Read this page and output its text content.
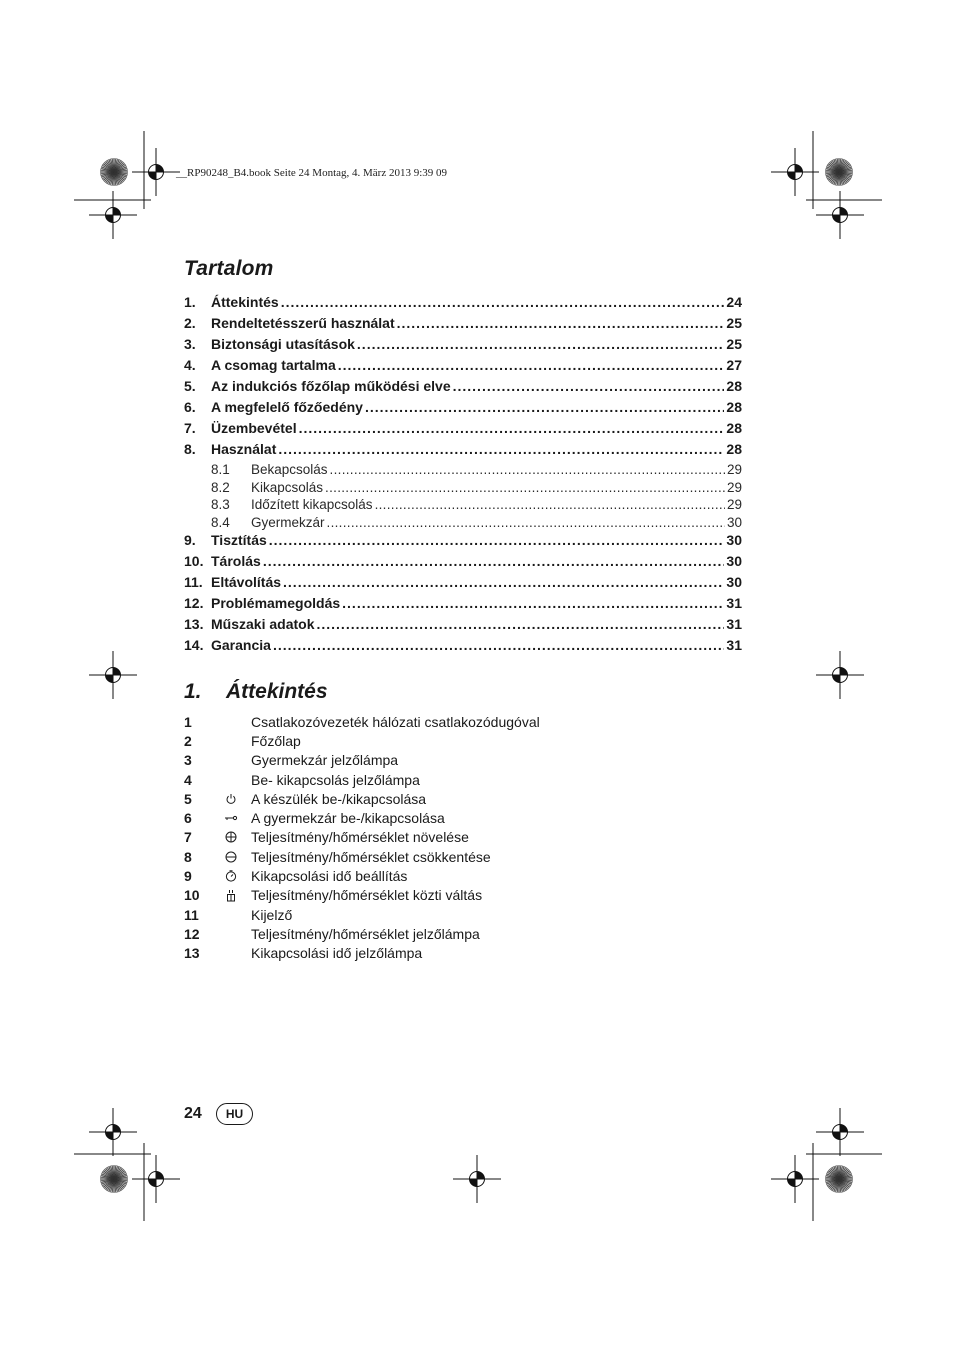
__RP90248_B4.book Seite 24 Montag, 4. März 2013 9:39 09
Tartalom
1.	Áttekintés .....	24
2.	Rendeltetésszerű használat .....	25
3.	Biztonsági utasítások .....	25
4.	A csomag tartalma .....	27
5.	Az indukciós főzőlap működési elve .....	28
6.	A megfelelő főzőedény .....	28
7.	Üzembevétel .....	28
8.	Használat .....	28
8.1	Bekapcsolás .....	29
8.2	Kikapcsolás .....	29
8.3	Időzített kikapcsolás .....	29
8.4	Gyermekzár .....	30
9.	Tisztítás .....	30
10. Tárolás .....	30
11. Eltávolítás .....	30
12. Problémamegoldás .....	31
13. Műszaki adatok .....	31
14. Garancia .....	31
1. Áttekintés
1	Csatlakozóvezeték hálózati csatlakozódugóval
2	Főzőlap
3	Gyermekzár jelzőlámpa
4	Be- kikapcsolás jelzőlámpa
5	A készülék be-/kikapcsolása
6	A gyermekzár be-/kikapcsolása
7	Teljesítmény/hőmérséklet növelése
8	Teljesítmény/hőmérséklet csökkentése
9	Kikapcsolási idő beállítás
10	Teljesítmény/hőmérséklet közti váltás
11	Kijelző
12	Teljesítmény/hőmérséklet jelzőlámpa
13	Kikapcsolási idő jelzőlámpa
24	HU
